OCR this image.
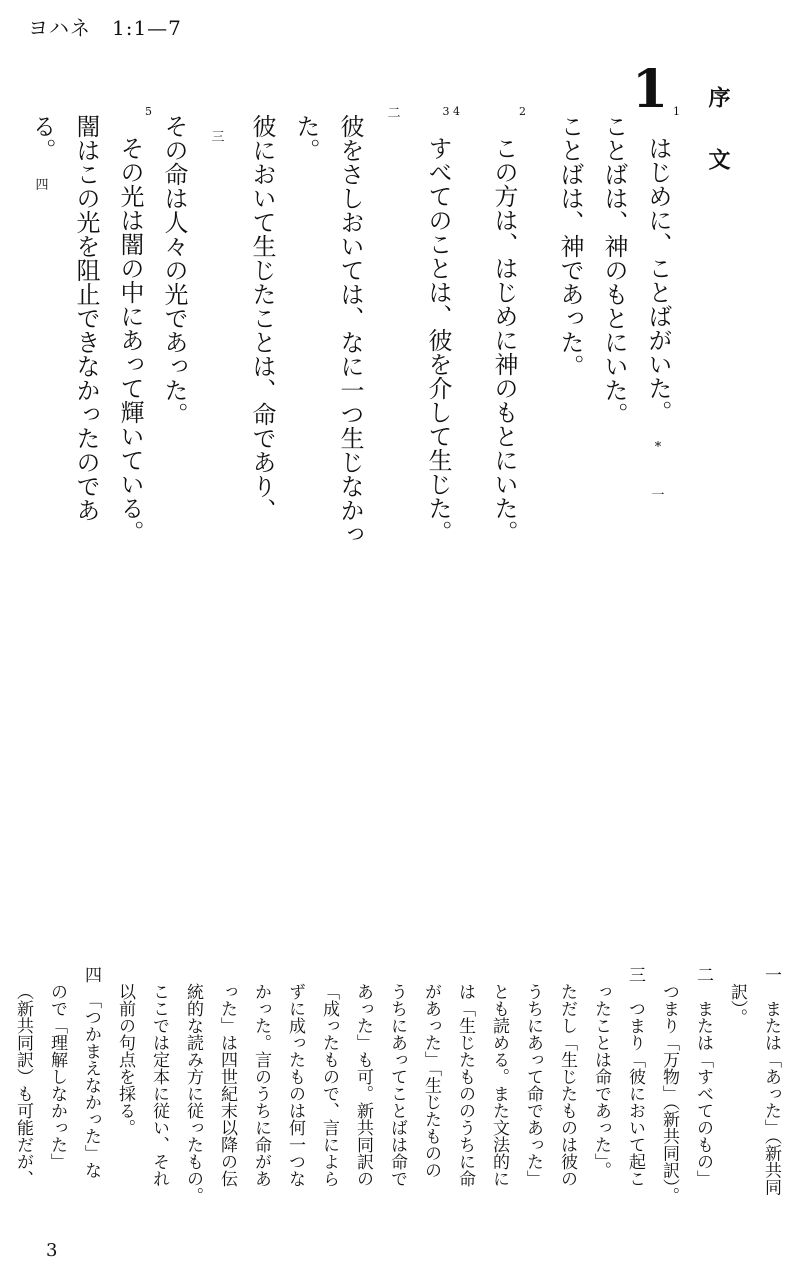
ヨハネ　1:1—7
1 序文
1はじめに、ことばがいた。*一
ことばは、神のもとにいた。
ことばは、神であった。
2この方は、はじめに神のもとにいた。
3 4すべてのことは、彼を介して生じた。二
彼をさしおいては、なに一つ生じなかった。
彼において生じたことは、命であり、三
その命は人々の光であった。
5その光は闇の中にあって輝いている。
闇はこの光を阻止できなかったのである。四
一　または「あった」（新共同
訳）。
二　または「すべてのもの」
つまり「万物」（新共同訳）。
三　つまり「彼において起こ
ったことは命であった」。
ただし「生じたものは彼の
うちにあって命であった」
とも読める。また文法的に
は「生じたもののうちに命
があった」「生じたものの
うちにあってことばは命で
あった」も可。新共同訳の
「成ったもので、言によら
ずに成ったものは何一つな
かった。言のうちに命があ
った」は四世紀末以降の伝
統的な読み方に従ったもの。
ここでは定本に従い、それ
以前の句点を採る。
四　「つかまえなかった」な
ので「理解しなかった」
（新共同訳）も可能だが、
3
